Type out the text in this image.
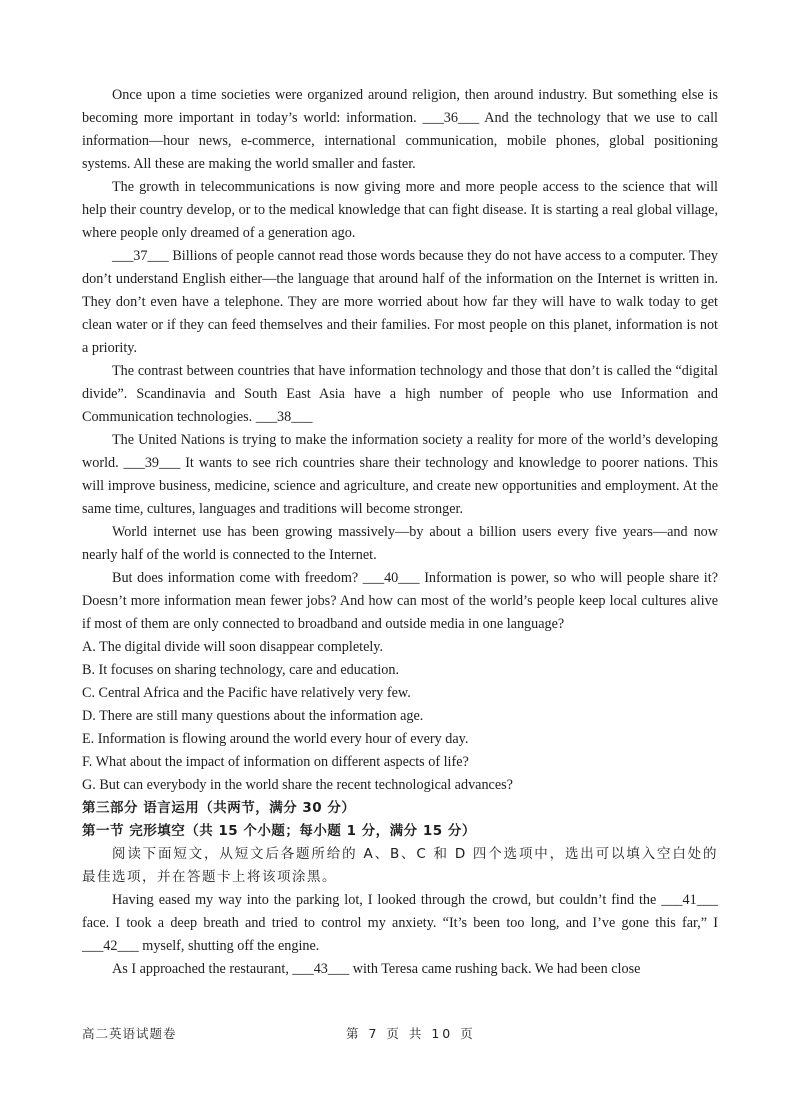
Once upon a time societies were organized around religion, then around industry. But something else is becoming more important in today’s world: information. ___36___ And the technology that we use to call information—hour news, e-commerce, international communication, mobile phones, global positioning systems. All these are making the world smaller and faster.

The growth in telecommunications is now giving more and more people access to the science that will help their country develop, or to the medical knowledge that can fight disease. It is starting a real global village, where people only dreamed of a generation ago.

___37___ Billions of people cannot read those words because they do not have access to a computer. They don’t understand English either—the language that around half of the information on the Internet is written in. They don’t even have a telephone. They are more worried about how far they will have to walk today to get clean water or if they can feed themselves and their families. For most people on this planet, information is not a priority.

The contrast between countries that have information technology and those that don’t is called the “digital divide”. Scandinavia and South East Asia have a high number of people who use Information and Communication technologies. ___38___

The United Nations is trying to make the information society a reality for more of the world’s developing world. ___39___ It wants to see rich countries share their technology and knowledge to poorer nations. This will improve business, medicine, science and agriculture, and create new opportunities and employment. At the same time, cultures, languages and traditions will become stronger.

World internet use has been growing massively—by about a billion users every five years—and now nearly half of the world is connected to the Internet.

But does information come with freedom? ___40___ Information is power, so who will people share it? Doesn’t more information mean fewer jobs? And how can most of the world’s people keep local cultures alive if most of them are only connected to broadband and outside media in one language?

A. The digital divide will soon disappear completely.

B. It focuses on sharing technology, care and education.

C. Central Africa and the Pacific have relatively very few.

D. There are still many questions about the information age.

E. Information is flowing around the world every hour of every day.

F. What about the impact of information on different aspects of life?

G. But can everybody in the world share the recent technological advances?

第三部分 语言运用（共两节，满分 30 分）

第一节 完形填空（共 15 个小题；每小题 1 分，满分 15 分）

阅读下面短文，从短文后各题所给的 A、B、C 和 D 四个选项中，选出可以填入空白处的最佳选项，并在答题卡上将该项涂黑。

Having eased my way into the parking lot, I looked through the crowd, but couldn’t find the ___41___ face. I took a deep breath and tried to control my anxiety. “It’s been too long, and I’ve gone this far,” I ___42___ myself, shutting off the engine.

As I approached the restaurant, ___43___ with Teresa came rushing back. We had been close

高二英语试题卷	第 7 页 共 10 页
